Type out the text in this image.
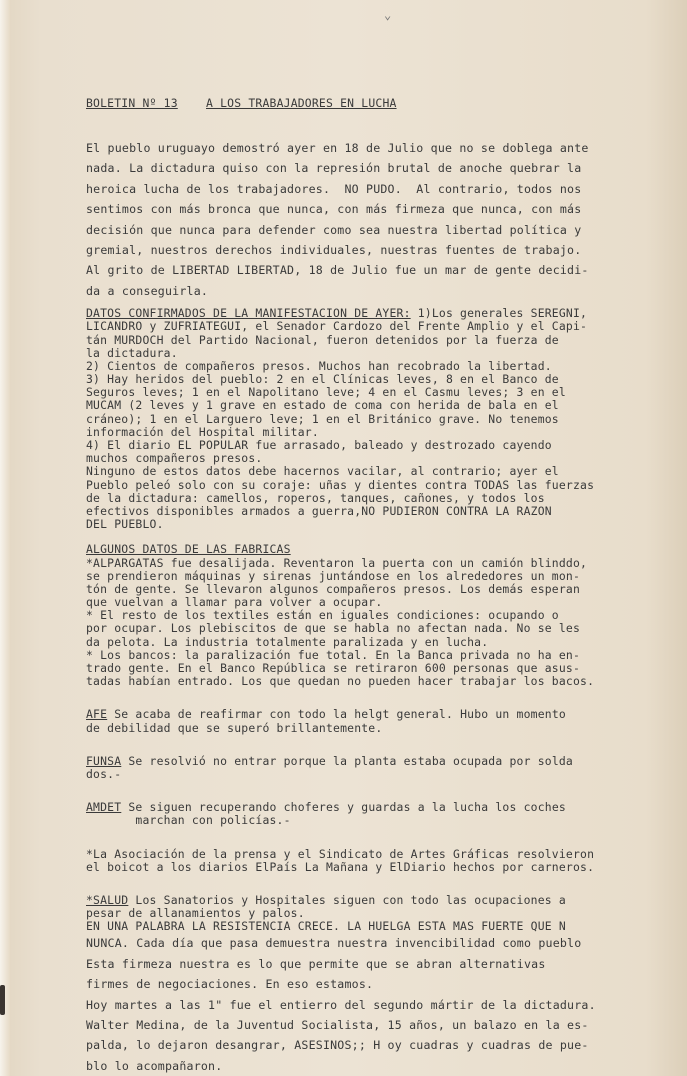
⌄
BOLETIN Nº 13 A LOS TRABAJADORES EN LUCHA
El pueblo uruguayo demostró ayer en 18 de Julio que no se doblega ante
nada. La dictadura quiso con la represión brutal de anoche quebrar la
heroica lucha de los trabajadores.  NO PUDO.  Al contrario, todos nos
sentimos con más bronca que nunca, con más firmeza que nunca, con más
decisión que nunca para defender como sea nuestra libertad política y
gremial, nuestros derechos individuales, nuestras fuentes de trabajo.
Al grito de LIBERTAD LIBERTAD, 18 de Julio fue un mar de gente decidi-
da a conseguirla.
DATOS CONFIRMADOS DE LA MANIFESTACION DE AYER: 1)Los generales SEREGNI,
LICANDRO y ZUFRIATEGUI, el Senador Cardozo del Frente Amplio y el Capi-
tán MURDOCH del Partido Nacional, fueron detenidos por la fuerza de
la dictadura.
2) Cientos de compañeros presos. Muchos han recobrado la libertad.
3) Hay heridos del pueblo: 2 en el Clínicas leves, 8 en el Banco de
Seguros leves; 1 en el Napolitano leve; 4 en el Casmu leves; 3 en el
MUCAM (2 leves y 1 grave en estado de coma con herida de bala en el
cráneo); 1 en el Larguero leve; 1 en el Británico grave. No tenemos
información del Hospital militar.
4) El diario EL POPULAR fue arrasado, baleado y destrozado cayendo
muchos compañeros presos.
Ninguno de estos datos debe hacernos vacilar, al contrario; ayer el
Pueblo peleó solo con su coraje: uñas y dientes contra TODAS las fuerzas
de la dictadura: camellos, roperos, tanques, cañones, y todos los
efectivos disponibles armados a guerra,NO PUDIERON CONTRA LA RAZON
DEL PUEBLO.
ALGUNOS DATOS DE LAS FABRICAS
*ALPARGATAS fue desalijada. Reventaron la puerta con un camión blinddo,
se prendieron máquinas y sirenas juntándose en los alrededores un mon-
tón de gente. Se llevaron algunos compañeros presos. Los demás esperan
que vuelvan a llamar para volver a ocupar.
* El resto de los textiles están en iguales condiciones: ocupando o
por ocupar. Los plebiscitos de que se habla no afectan nada. No se les
da pelota. La industria totalmente paralizada y en lucha.
* Los bancos: la paralización fue total. En la Banca privada no ha en-
trado gente. En el Banco República se retiraron 600 personas que asus-
tadas habían entrado. Los que quedan no pueden hacer trabajar los bacos.
AFE Se acaba de reafirmar con todo la helgt general. Hubo un momento
de debilidad que se superó brillantemente.
FUNSA Se resolvió no entrar porque la planta estaba ocupada por solda
dos.-
AMDET Se siguen recuperando choferes y guardas a la lucha los coches
marchan con policías.-
*La Asociación de la prensa y el Sindicato de Artes Gráficas resolvieron
el boicot a los diarios ElPaís La Mañana y ElDiario hechos por carneros.
*SALUD Los Sanatorios y Hospitales siguen con todo las ocupaciones a
pesar de allanamientos y palos.
EN UNA PALABRA LA RESISTENCIA CRECE. LA HUELGA ESTA MAS FUERTE QUE N
NUNCA. Cada día que pasa demuestra nuestra invencibilidad como pueblo
Esta firmeza nuestra es lo que permite que se abran alternativas
firmes de negociaciones. En eso estamos.
Hoy martes a las 1" fue el entierro del segundo mártir de la dictadura.
Walter Medina, de la Juventud Socialista, 15 años, un balazo en la es-
palda, lo dejaron desangrar, ASESINOS;; H oy cuadras y cuadras de pue-
blo lo acompañaron.
